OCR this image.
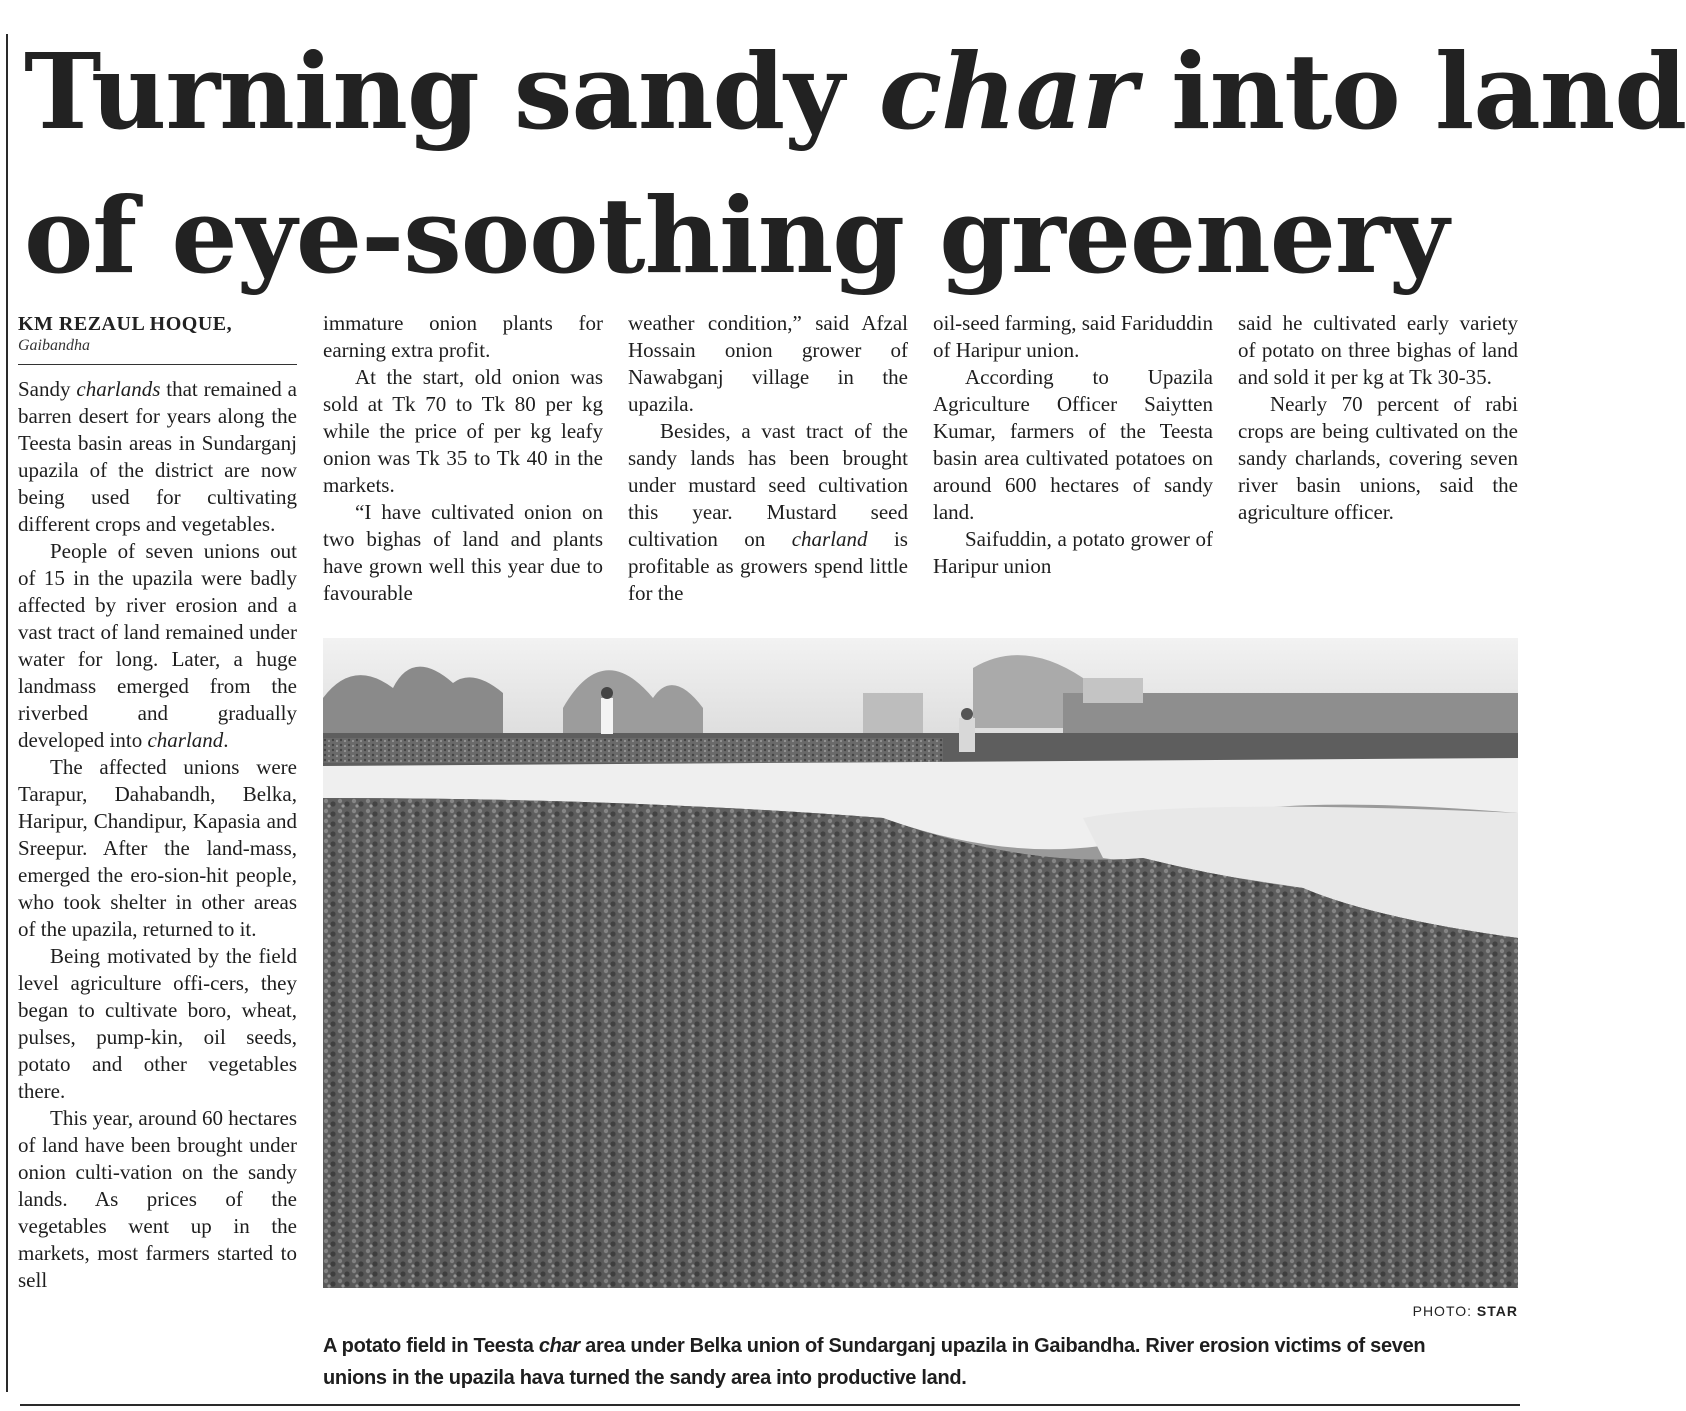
Turning sandy char into land
of eye-soothing greenery
KM REZAUL HOQUE,
Gaibandha

Sandy charlands that remained a barren desert for years along the Teesta basin areas in Sundarganj upazila of the district are now being used for cultivating different crops and vegetables.

People of seven unions out of 15 in the upazila were badly affected by river erosion and a vast tract of land remained under water for long. Later, a huge landmass emerged from the riverbed and gradually developed into charland.

The affected unions were Tarapur, Dahabandh, Belka, Haripur, Chandipur, Kapasia and Sreepur. After the land-mass, emerged the ero-sion-hit people, who took shelter in other areas of the upazila, returned to it.

Being motivated by the field level agriculture offi-cers, they began to cultivate boro, wheat, pulses, pump-kin, oil seeds, potato and other vegetables there.

This year, around 60 hectares of land have been brought under onion culti-vation on the sandy lands. As prices of the vegetables went up in the markets, most farmers started to sell

immature onion plants for earning extra profit.

At the start, old onion was sold at Tk 70 to Tk 80 per kg while the price of per kg leafy onion was Tk 35 to Tk 40 in the markets.

“I have cultivated onion on two bighas of land and plants have grown well this year due to favourable

weather condition,” said Afzal Hossain onion grower of Nawabganj village in the upazila.

Besides, a vast tract of the sandy lands has been brought under mustard seed cultivation this year. Mustard seed cultivation on charland is profitable as growers spend little for the

oil-seed farming, said Fariduddin of Haripur union.

According to Upazila Agriculture Officer Saiytten Kumar, farmers of the Teesta basin area cultivated potatoes on around 600 hectares of sandy land.

Saifuddin, a potato grower of Haripur union

said he cultivated early variety of potato on three bighas of land and sold it per kg at Tk 30-35.

Nearly 70 percent of rabi crops are being cultivated on the sandy charlands, covering seven river basin unions, said the agriculture officer.

PHOTO: STAR
A potato field in Teesta char area under Belka union of Sundarganj upazila in Gaibandha. River erosion victims of seven
unions in the upazila hava turned the sandy area into productive land.
